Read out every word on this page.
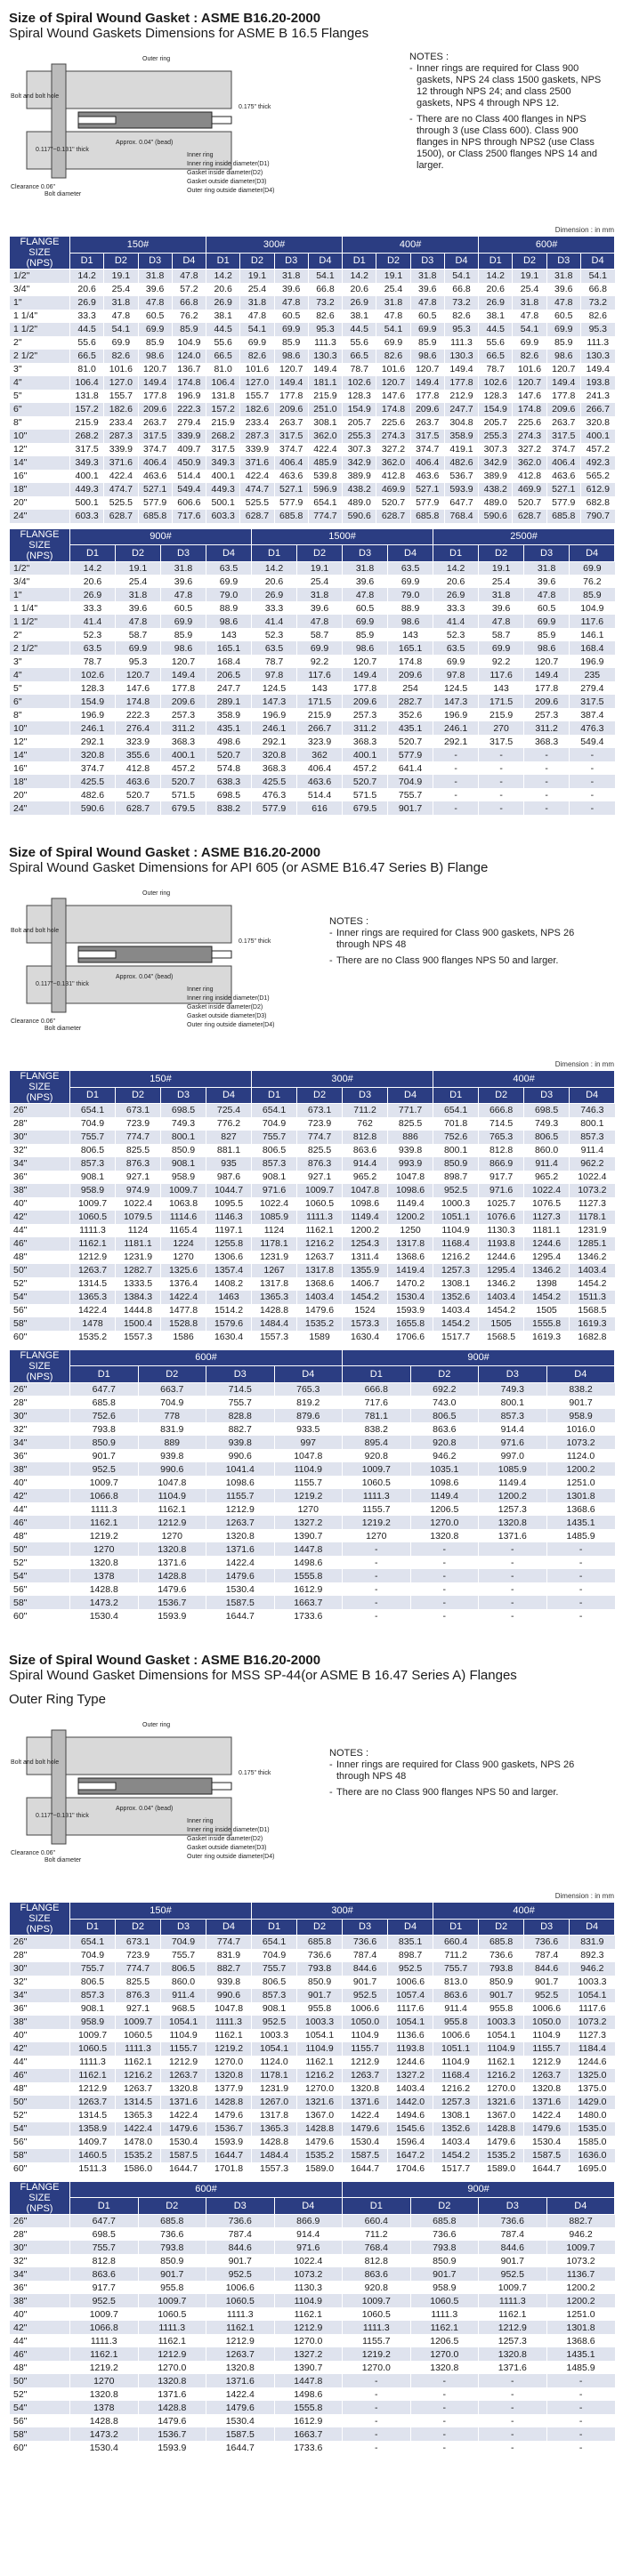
Size of Spiral Wound Gasket : ASME B16.20-2000
Spiral Wound Gaskets Dimensions for ASME B 16.5 Flanges
Outer ring
Bolt and bolt hole
0.175" thick
Approx. 0.04" (bead)
0.117"~0.131" thick
Clearance 0.06"
Bolt diameter
Inner ring
Inner ring inside diameter(D1)
Gasket inside diameter(D2)
Gasket outside diameter(D3)
Outer ring outside diameter(D4)
NOTES :
- Inner rings are required for Class 900 gaskets, NPS 24 class 1500 gaskets, NPS 12 through NPS 24; and class 2500 gaskets, NPS 4 through NPS 12.
- There are no Class 400 flanges in NPS through 3 (use Class 600). Class 900 flanges in NPS through NPS2 (use Class 1500), or Class 2500 flanges NPS 14 and larger.
Dimension : in mm
FLANGE SIZE
(NPS)	150#				300#				400#				600#			
	D1	D2	D3	D4	D1	D2	D3	D4	D1	D2	D3	D4	D1	D2	D3	D4
1/2"	14.2	19.1	31.8	47.8	14.2	19.1	31.8	54.1	14.2	19.1	31.8	54.1	14.2	19.1	31.8	54.1
3/4"	20.6	25.4	39.6	57.2	20.6	25.4	39.6	66.8	20.6	25.4	39.6	66.8	20.6	25.4	39.6	66.8
1"	26.9	31.8	47.8	66.8	26.9	31.8	47.8	73.2	26.9	31.8	47.8	73.2	26.9	31.8	47.8	73.2
1 1/4"	33.3	47.8	60.5	76.2	38.1	47.8	60.5	82.6	38.1	47.8	60.5	82.6	38.1	47.8	60.5	82.6
1 1/2"	44.5	54.1	69.9	85.9	44.5	54.1	69.9	95.3	44.5	54.1	69.9	95.3	44.5	54.1	69.9	95.3
2"	55.6	69.9	85.9	104.9	55.6	69.9	85.9	111.3	55.6	69.9	85.9	111.3	55.6	69.9	85.9	111.3
2 1/2"	66.5	82.6	98.6	124.0	66.5	82.6	98.6	130.3	66.5	82.6	98.6	130.3	66.5	82.6	98.6	130.3
3"	81.0	101.6	120.7	136.7	81.0	101.6	120.7	149.4	78.7	101.6	120.7	149.4	78.7	101.6	120.7	149.4
4"	106.4	127.0	149.4	174.8	106.4	127.0	149.4	181.1	102.6	120.7	149.4	177.8	102.6	120.7	149.4	193.8
5"	131.8	155.7	177.8	196.9	131.8	155.7	177.8	215.9	128.3	147.6	177.8	212.9	128.3	147.6	177.8	241.3
6"	157.2	182.6	209.6	222.3	157.2	182.6	209.6	251.0	154.9	174.8	209.6	247.7	154.9	174.8	209.6	266.7
8"	215.9	233.4	263.7	279.4	215.9	233.4	263.7	308.1	205.7	225.6	263.7	304.8	205.7	225.6	263.7	320.8
10"	268.2	287.3	317.5	339.9	268.2	287.3	317.5	362.0	255.3	274.3	317.5	358.9	255.3	274.3	317.5	400.1
12"	317.5	339.9	374.7	409.7	317.5	339.9	374.7	422.4	307.3	327.2	374.7	419.1	307.3	327.2	374.7	457.2
14"	349.3	371.6	406.4	450.9	349.3	371.6	406.4	485.9	342.9	362.0	406.4	482.6	342.9	362.0	406.4	492.3
16"	400.1	422.4	463.6	514.4	400.1	422.4	463.6	539.8	389.9	412.8	463.6	536.7	389.9	412.8	463.6	565.2
18"	449.3	474.7	527.1	549.4	449.3	474.7	527.1	596.9	438.2	469.9	527.1	593.9	438.2	469.9	527.1	612.9
20"	500.1	525.5	577.9	606.6	500.1	525.5	577.9	654.1	489.0	520.7	577.9	647.7	489.0	520.7	577.9	682.8
24"	603.3	628.7	685.8	717.6	603.3	628.7	685.8	774.7	590.6	628.7	685.8	768.4	590.6	628.7	685.8	790.7
FLANGE SIZE
(NPS)	900#				1500#				2500#			
	D1	D2	D3	D4	D1	D2	D3	D4	D1	D2	D3	D4
1/2"	14.2	19.1	31.8	63.5	14.2	19.1	31.8	63.5	14.2	19.1	31.8	69.9
3/4"	20.6	25.4	39.6	69.9	20.6	25.4	39.6	69.9	20.6	25.4	39.6	76.2
1"	26.9	31.8	47.8	79.0	26.9	31.8	47.8	79.0	26.9	31.8	47.8	85.9
1 1/4"	33.3	39.6	60.5	88.9	33.3	39.6	60.5	88.9	33.3	39.6	60.5	104.9
1 1/2"	41.4	47.8	69.9	98.6	41.4	47.8	69.9	98.6	41.4	47.8	69.9	117.6
2"	52.3	58.7	85.9	143	52.3	58.7	85.9	143	52.3	58.7	85.9	146.1
2 1/2"	63.5	69.9	98.6	165.1	63.5	69.9	98.6	165.1	63.5	69.9	98.6	168.4
3"	78.7	95.3	120.7	168.4	78.7	92.2	120.7	174.8	69.9	92.2	120.7	196.9
4"	102.6	120.7	149.4	206.5	97.8	117.6	149.4	209.6	97.8	117.6	149.4	235
5"	128.3	147.6	177.8	247.7	124.5	143	177.8	254	124.5	143	177.8	279.4
6"	154.9	174.8	209.6	289.1	147.3	171.5	209.6	282.7	147.3	171.5	209.6	317.5
8"	196.9	222.3	257.3	358.9	196.9	215.9	257.3	352.6	196.9	215.9	257.3	387.4
10"	246.1	276.4	311.2	435.1	246.1	266.7	311.2	435.1	246.1	270	311.2	476.3
12"	292.1	323.9	368.3	498.6	292.1	323.9	368.3	520.7	292.1	317.5	368.3	549.4
14"	320.8	355.6	400.1	520.7	320.8	362	400.1	577.9	-	-	-	-
16"	374.7	412.8	457.2	574.8	368.3	406.4	457.2	641.4	-	-	-	-
18"	425.5	463.6	520.7	638.3	425.5	463.6	520.7	704.9	-	-	-	-
20"	482.6	520.7	571.5	698.5	476.3	514.4	571.5	755.7	-	-	-	-
24"	590.6	628.7	679.5	838.2	577.9	616	679.5	901.7	-	-	-	-
Size of Spiral Wound Gasket : ASME B16.20-2000
Spiral Wound Gasket Dimensions for API 605 (or ASME B16.47 Series B) Flange
Outer ring
Bolt and bolt hole
0.175" thick
Approx. 0.04" (bead)
0.117"~0.131" thick
Clearance 0.06"
Bolt diameter
Inner ring
Inner ring inside diameter(D1)
Gasket inside diameter(D2)
Gasket outside diameter(D3)
Outer ring outside diameter(D4)
NOTES :
- Inner rings are required for Class 900 gaskets, NPS 26 through NPS 48
- There are no Class 900 flanges NPS 50 and larger.
Dimension : in mm
FLANGE SIZE
(NPS)	150#				300#				400#			
	D1	D2	D3	D4	D1	D2	D3	D4	D1	D2	D3	D4
26"	654.1	673.1	698.5	725.4	654.1	673.1	711.2	771.7	654.1	666.8	698.5	746.3
28"	704.9	723.9	749.3	776.2	704.9	723.9	762	825.5	701.8	714.5	749.3	800.1
30"	755.7	774.7	800.1	827	755.7	774.7	812.8	886	752.6	765.3	806.5	857.3
32"	806.5	825.5	850.9	881.1	806.5	825.5	863.6	939.8	800.1	812.8	860.0	911.4
34"	857.3	876.3	908.1	935	857.3	876.3	914.4	993.9	850.9	866.9	911.4	962.2
36"	908.1	927.1	958.9	987.6	908.1	927.1	965.2	1047.8	898.7	917.7	965.2	1022.4
38"	958.9	974.9	1009.7	1044.7	971.6	1009.7	1047.8	1098.6	952.5	971.6	1022.4	1073.2
40"	1009.7	1022.4	1063.8	1095.5	1022.4	1060.5	1098.6	1149.4	1000.3	1025.7	1076.5	1127.3
42"	1060.5	1079.5	1114.6	1146.3	1085.9	1111.3	1149.4	1200.2	1051.1	1076.6	1127.3	1178.1
44"	1111.3	1124	1165.4	1197.1	1124	1162.1	1200.2	1250	1104.9	1130.3	1181.1	1231.9
46"	1162.1	1181.1	1224	1255.8	1178.1	1216.2	1254.3	1317.8	1168.4	1193.8	1244.6	1285.1
48"	1212.9	1231.9	1270	1306.6	1231.9	1263.7	1311.4	1368.6	1216.2	1244.6	1295.4	1346.2
50"	1263.7	1282.7	1325.6	1357.4	1267	1317.8	1355.9	1419.4	1257.3	1295.4	1346.2	1403.4
52"	1314.5	1333.5	1376.4	1408.2	1317.8	1368.6	1406.7	1470.2	1308.1	1346.2	1398	1454.2
54"	1365.3	1384.3	1422.4	1463	1365.3	1403.4	1454.2	1530.4	1352.6	1403.4	1454.2	1511.3
56"	1422.4	1444.8	1477.8	1514.2	1428.8	1479.6	1524	1593.9	1403.4	1454.2	1505	1568.5
58"	1478	1500.4	1528.8	1579.6	1484.4	1535.2	1573.3	1655.8	1454.2	1505	1555.8	1619.3
60"	1535.2	1557.3	1586	1630.4	1557.3	1589	1630.4	1706.6	1517.7	1568.5	1619.3	1682.8
FLANGE SIZE
(NPS)	600#				900#			
	D1	D2	D3	D4	D1	D2	D3	D4
26"	647.7	663.7	714.5	765.3	666.8	692.2	749.3	838.2
28"	685.8	704.9	755.7	819.2	717.6	743.0	800.1	901.7
30"	752.6	778	828.8	879.6	781.1	806.5	857.3	958.9
32"	793.8	831.9	882.7	933.5	838.2	863.6	914.4	1016.0
34"	850.9	889	939.8	997	895.4	920.8	971.6	1073.2
36"	901.7	939.8	990.6	1047.8	920.8	946.2	997.0	1124.0
38"	952.5	990.6	1041.4	1104.9	1009.7	1035.1	1085.9	1200.2
40"	1009.7	1047.8	1098.6	1155.7	1060.5	1098.6	1149.4	1251.0
42"	1066.8	1104.9	1155.7	1219.2	1111.3	1149.4	1200.2	1301.8
44"	1111.3	1162.1	1212.9	1270	1155.7	1206.5	1257.3	1368.6
46"	1162.1	1212.9	1263.7	1327.2	1219.2	1270.0	1320.8	1435.1
48"	1219.2	1270	1320.8	1390.7	1270	1320.8	1371.6	1485.9
50"	1270	1320.8	1371.6	1447.8	-	-	-	-
52"	1320.8	1371.6	1422.4	1498.6	-	-	-	-
54"	1378	1428.8	1479.6	1555.8	-	-	-	-
56"	1428.8	1479.6	1530.4	1612.9	-	-	-	-
58"	1473.2	1536.7	1587.5	1663.7	-	-	-	-
60"	1530.4	1593.9	1644.7	1733.6	-	-	-	-
Size of Spiral Wound Gasket : ASME B16.20-2000
Spiral Wound Gasket Dimensions for MSS SP-44(or ASME B 16.47 Series A) Flanges
Outer Ring Type
Outer ring
Bolt and bolt hole
0.175" thick
Approx. 0.04" (bead)
0.117"~0.131" thick
Clearance 0.06"
Bolt diameter
Inner ring
Inner ring inside diameter(D1)
Gasket inside diameter(D2)
Gasket outside diameter(D3)
Outer ring outside diameter(D4)
NOTES :
- Inner rings are required for Class 900 gaskets, NPS 26 through NPS 48
- There are no Class 900 flanges NPS 50 and larger.
Dimension : in mm
FLANGE SIZE
(NPS)	150#				300#				400#			
	D1	D2	D3	D4	D1	D2	D3	D4	D1	D2	D3	D4
26"	654.1	673.1	704.9	774.7	654.1	685.8	736.6	835.1	660.4	685.8	736.6	831.9
28"	704.9	723.9	755.7	831.9	704.9	736.6	787.4	898.7	711.2	736.6	787.4	892.3
30"	755.7	774.7	806.5	882.7	755.7	793.8	844.6	952.5	755.7	793.8	844.6	946.2
32"	806.5	825.5	860.0	939.8	806.5	850.9	901.7	1006.6	813.0	850.9	901.7	1003.3
34"	857.3	876.3	911.4	990.6	857.3	901.7	952.5	1057.4	863.6	901.7	952.5	1054.1
36"	908.1	927.1	968.5	1047.8	908.1	955.8	1006.6	1117.6	911.4	955.8	1006.6	1117.6
38"	958.9	1009.7	1054.1	1111.3	952.5	1003.3	1050.0	1054.1	955.8	1003.3	1050.0	1073.2
40"	1009.7	1060.5	1104.9	1162.1	1003.3	1054.1	1104.9	1136.6	1006.6	1054.1	1104.9	1127.3
42"	1060.5	1111.3	1155.7	1219.2	1054.1	1104.9	1155.7	1193.8	1051.1	1104.9	1155.7	1184.4
44"	1111.3	1162.1	1212.9	1270.0	1124.0	1162.1	1212.9	1244.6	1104.9	1162.1	1212.9	1244.6
46"	1162.1	1216.2	1263.7	1320.8	1178.1	1216.2	1263.7	1327.2	1168.4	1216.2	1263.7	1325.0
48"	1212.9	1263.7	1320.8	1377.9	1231.9	1270.0	1320.8	1403.4	1216.2	1270.0	1320.8	1375.0
50"	1263.7	1314.5	1371.6	1428.8	1267.0	1321.6	1371.6	1442.0	1257.3	1321.6	1371.6	1429.0
52"	1314.5	1365.3	1422.4	1479.6	1317.8	1367.0	1422.4	1494.6	1308.1	1367.0	1422.4	1480.0
54"	1358.9	1422.4	1479.6	1536.7	1365.3	1428.8	1479.6	1545.6	1352.6	1428.8	1479.6	1535.0
56"	1409.7	1478.0	1530.4	1593.9	1428.8	1479.6	1530.4	1596.4	1403.4	1479.6	1530.4	1585.0
58"	1460.5	1535.2	1587.5	1644.7	1484.4	1535.2	1587.5	1647.2	1454.2	1535.2	1587.5	1636.0
60"	1511.3	1586.0	1644.7	1701.8	1557.3	1589.0	1644.7	1704.6	1517.7	1589.0	1644.7	1695.0
FLANGE SIZE
(NPS)	600#				900#			
	D1	D2	D3	D4	D1	D2	D3	D4
26"	647.7	685.8	736.6	866.9	660.4	685.8	736.6	882.7
28"	698.5	736.6	787.4	914.4	711.2	736.6	787.4	946.2
30"	755.7	793.8	844.6	971.6	768.4	793.8	844.6	1009.7
32"	812.8	850.9	901.7	1022.4	812.8	850.9	901.7	1073.2
34"	863.6	901.7	952.5	1073.2	863.6	901.7	952.5	1136.7
36"	917.7	955.8	1006.6	1130.3	920.8	958.9	1009.7	1200.2
38"	952.5	1009.7	1060.5	1104.9	1009.7	1060.5	1111.3	1200.2
40"	1009.7	1060.5	1111.3	1162.1	1060.5	1111.3	1162.1	1251.0
42"	1066.8	1111.3	1162.1	1212.9	1111.3	1162.1	1212.9	1301.8
44"	1111.3	1162.1	1212.9	1270.0	1155.7	1206.5	1257.3	1368.6
46"	1162.1	1212.9	1263.7	1327.2	1219.2	1270.0	1320.8	1435.1
48"	1219.2	1270.0	1320.8	1390.7	1270.0	1320.8	1371.6	1485.9
50"	1270	1320.8	1371.6	1447.8	-	-	-	-
52"	1320.8	1371.6	1422.4	1498.6	-	-	-	-
54"	1378	1428.8	1479.6	1555.8	-	-	-	-
56"	1428.8	1479.6	1530.4	1612.9	-	-	-	-
58"	1473.2	1536.7	1587.5	1663.7	-	-	-	-
60"	1530.4	1593.9	1644.7	1733.6	-	-	-	-
